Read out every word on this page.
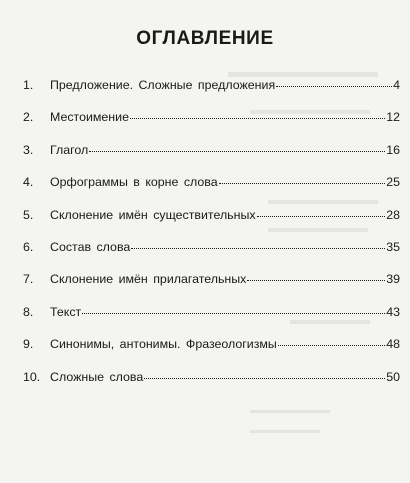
ОГЛАВЛЕНИЕ
1.	Предложение. Сложные предложения	4
2.	Местоимение	12
3.	Глагол	16
4.	Орфограммы в корне слова	25
5.	Склонение имён существительных	28
6.	Состав слова	35
7.	Склонение имён прилагательных	39
8.	Текст	43
9.	Синонимы, антонимы. Фразеологизмы	48
10. Сложные слова	50
